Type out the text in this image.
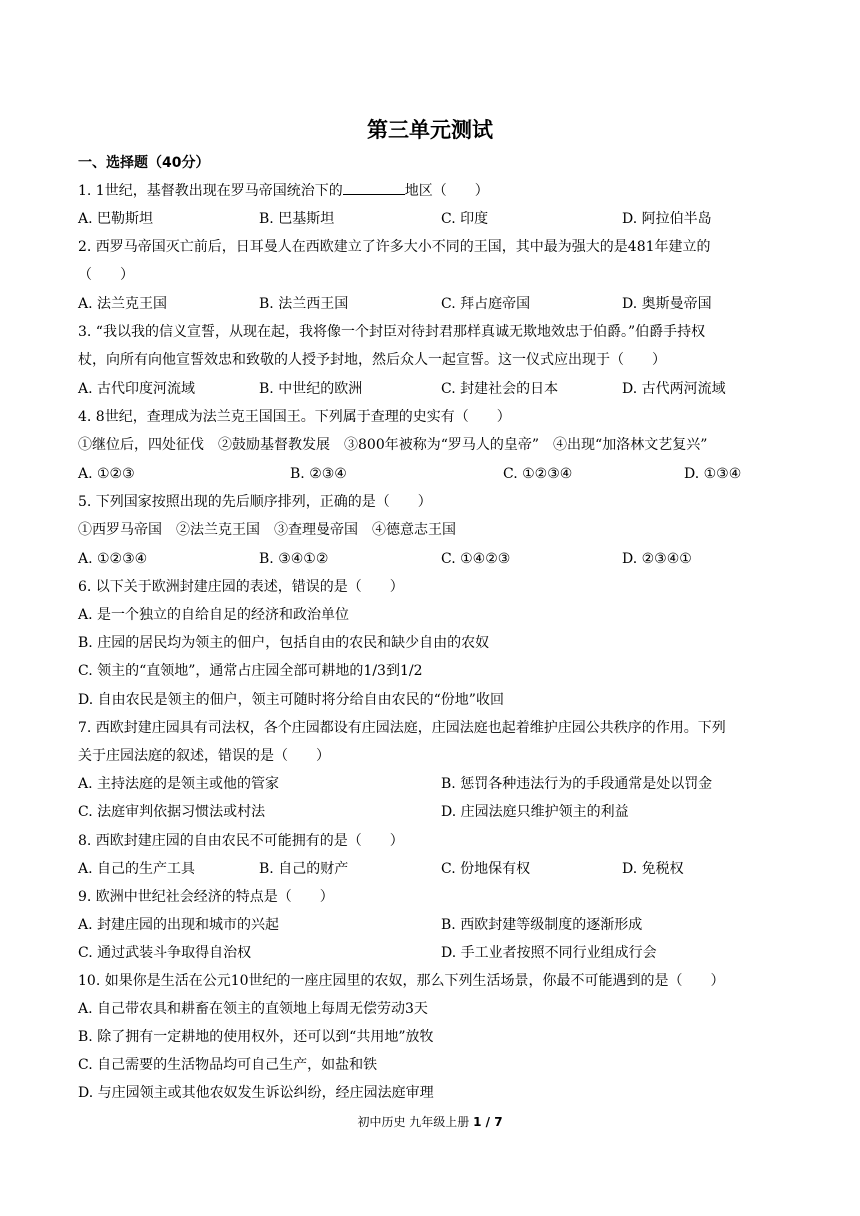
第三单元测试
一、选择题（40分）
1. 1世纪，基督教出现在罗马帝国统治下的	地区（　　）
A. 巴勒斯坦	B. 巴基斯坦	C. 印度	D. 阿拉伯半岛
2. 西罗马帝国灭亡前后，日耳曼人在西欧建立了许多大小不同的王国，其中最为强大的是481年建立的
（　　）
A. 法兰克王国	B. 法兰西王国	C. 拜占庭帝国	D. 奥斯曼帝国
3. “我以我的信义宣誓，从现在起，我将像一个封臣对待封君那样真诚无欺地效忠于伯爵。”伯爵手持权
杖，向所有向他宣誓效忠和致敬的人授予封地，然后众人一起宣誓。这一仪式应出现于（　　）
A. 古代印度河流域	B. 中世纪的欧洲	C. 封建社会的日本	D. 古代两河流域
4. 8世纪，查理成为法兰克王国国王。下列属于查理的史实有（　　）
①继位后，四处征伐　②鼓励基督教发展　③800年被称为“罗马人的皇帝”　④出现“加洛林文艺复兴”
A. ①②③	B. ②③④	C. ①②③④	D. ①③④
5. 下列国家按照出现的先后顺序排列，正确的是（　　）
①西罗马帝国　②法兰克王国　③查理曼帝国　④德意志王国
A. ①②③④	B. ③④①②	C. ①④②③	D. ②③④①
6. 以下关于欧洲封建庄园的表述，错误的是（　　）
A. 是一个独立的自给自足的经济和政治单位
B. 庄园的居民均为领主的佃户，包括自由的农民和缺少自由的农奴
C. 领主的“直领地”，通常占庄园全部可耕地的1/3到1/2
D. 自由农民是领主的佃户，领主可随时将分给自由农民的“份地”收回
7. 西欧封建庄园具有司法权，各个庄园都设有庄园法庭，庄园法庭也起着维护庄园公共秩序的作用。下列
关于庄园法庭的叙述，错误的是（　　）
A. 主持法庭的是领主或他的管家	B. 惩罚各种违法行为的手段通常是处以罚金
C. 法庭审判依据习惯法或村法	D. 庄园法庭只维护领主的利益
8. 西欧封建庄园的自由农民不可能拥有的是（　　）
A. 自己的生产工具	B. 自己的财产	C. 份地保有权	D. 免税权
9. 欧洲中世纪社会经济的特点是（　　）
A. 封建庄园的出现和城市的兴起	B. 西欧封建等级制度的逐渐形成
C. 通过武装斗争取得自治权	D. 手工业者按照不同行业组成行会
10. 如果你是生活在公元10世纪的一座庄园里的农奴，那么下列生活场景，你最不可能遇到的是（　　）
A. 自己带农具和耕畜在领主的直领地上每周无偿劳动3天
B. 除了拥有一定耕地的使用权外，还可以到“共用地”放牧
C. 自己需要的生活物品均可自己生产，如盐和铁
D. 与庄园领主或其他农奴发生诉讼纠纷，经庄园法庭审理
初中历史 九年级上册 1 / 7
